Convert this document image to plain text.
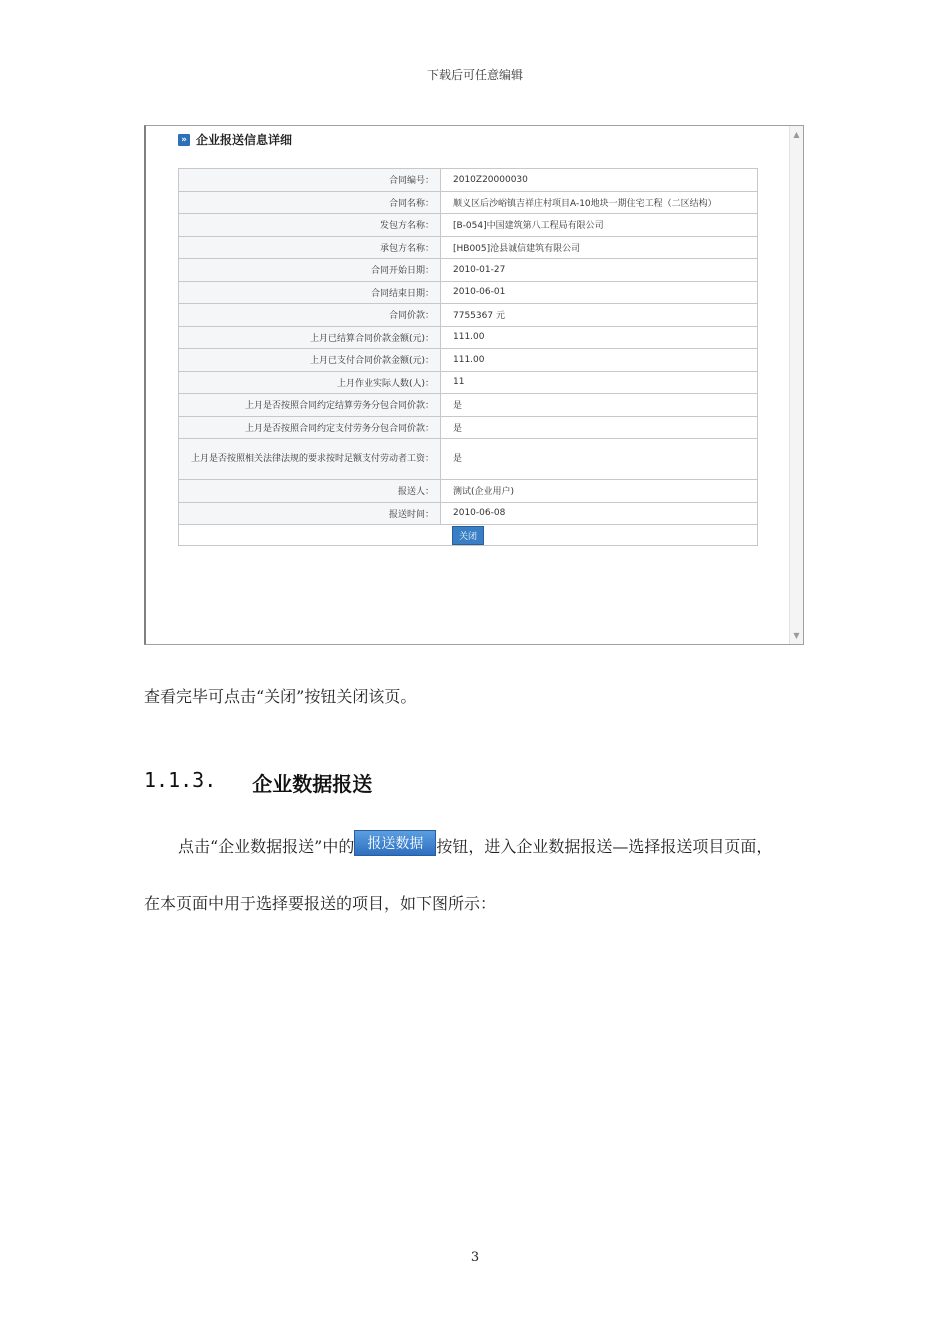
下载后可任意编辑
» 企业报送信息详细
合同编号：	2010Z20000030
合同名称：	顺义区后沙峪镇吉祥庄村项目A-10地块一期住宅工程（二区结构）
发包方名称：	[B-054]中国建筑第八工程局有限公司
承包方名称：	[HB005]沧县诚信建筑有限公司
合同开始日期：	2010-01-27
合同结束日期：	2010-06-01
合同价款：	7755367 元
上月已结算合同价款金额(元)：	111.00
上月已支付合同价款金额(元)：	111.00
上月作业实际人数(人)：	11
上月是否按照合同约定结算劳务分包合同价款：	是
上月是否按照合同约定支付劳务分包合同价款：	是
上月是否按照相关法律法规的要求按时足额支付劳动者工资：	是
报送人：	测试(企业用户)
报送时间：	2010-06-08
关闭	
▲
▼
查看完毕可点击“关闭”按钮关闭该页。
1.1.3. 企业数据报送
点击“企业数据报送”中的 报送数据 按钮，进入企业数据报送—选择报送项目页面，
在本页面中用于选择要报送的项目，如下图所示：
3
